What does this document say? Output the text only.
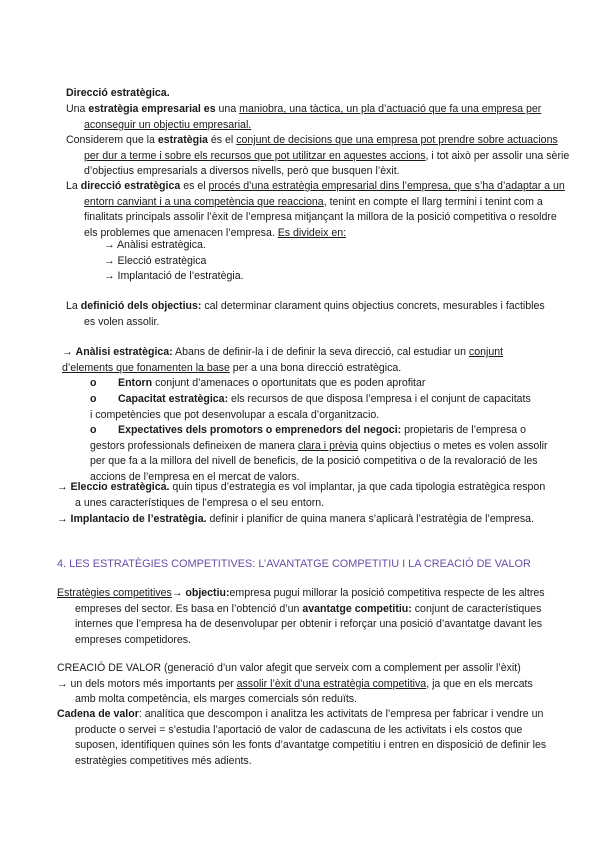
Direcció estratègica.
Una estratègia empresarial es una maniobra, una tàctica, un pla d’actuació que fa una empresa per aconseguir un objectiu empresarial.
Considerem que la estratègia és el conjunt de decisions que una empresa pot prendre sobre actuacions per dur a terme i sobre els recursos que pot utilitzar en aquestes accions, i tot això per assolir una sèrie d’objectius empresarials a diversos nivells, però que busquen l’èxit.
La direcció estratègica es el procés d’una estratègia empresarial dins l’empresa, que s’ha d’adaptar a un entorn canviant i a una competència que reacciona, tenint en compte el llarg termini i tenint com a finalitats principals assolir l’èxit de l’empresa mitjançant la millora de la posició competitiva o resoldre els problemes que amenacen l’empresa. Es divideix en:
→ Anàlisi estratègica.
→ Elecció estratègica
→ Implantació de l’estratègia.
La definició dels objectius: cal determinar clarament quins objectius concrets, mesurables i factibles es volen assolir.
→ Anàlisi estratègica: Abans de definir-la i de definir la seva direcció, cal estudiar un conjunt d’elements que fonamenten la base per a una bona direcció estratègica.
o Entorn conjunt d’amenaces o oportunitats que es poden aprofitar
o Capacitat estratègica: els recursos de que disposa l’empresa i el conjunt de capacitats i competències que pot desenvolupar a escala d’organitzacio.
o Expectatives dels promotors o emprenedors del negoci: propietaris de l’empresa o gestors professionals defineixen de manera clara i prèvia quins objectius o metes es volen assolir per que fa a la millora del nivell de beneficis, de la posició competitiva o de la revaloració de les accions de l’empresa en el mercat de valors.
→ Eleccio estratègica. quin tipus d’estrategia es vol implantar, ja que cada tipologia estratègica respon a unes característiques de l’empresa o el seu entorn.
→ Implantacio de l’estratègia. definir i planificr de quina manera s’aplicarà l’estratègia de l’empresa.
4. LES ESTRATÈGIES COMPETITIVES: L’AVANTATGE COMPETITIU I LA CREACIÓ DE VALOR
Estratègies competitives→ objectiu:empresa pugui millorar la posició competitiva respecte de les altres empreses del sector. Es basa en l’obtenció d’un avantatge competitiu: conjunt de característiques internes que l’empresa ha de desenvolupar per obtenir i reforçar una posició d’avantatge davant les empreses competidores.
CREACIÓ DE VALOR (generació d’un valor afegit que serveix com a complement per assolir l’èxit)
→ un dels motors més importants per assolir l’èxit d’una estratègia competitiva, ja que en els mercats amb molta competència, els marges comercials són reduïts.
Cadena de valor: analítica que descompon i analitza les activitats de l’empresa per fabricar i vendre un producte o servei = s’estudia l’aportació de valor de cadascuna de les activitats i els costos que suposen, identifiquen quines són les fonts d’avantatge competitiu i entren en disposició de definir les estratègies competitives més adients.
